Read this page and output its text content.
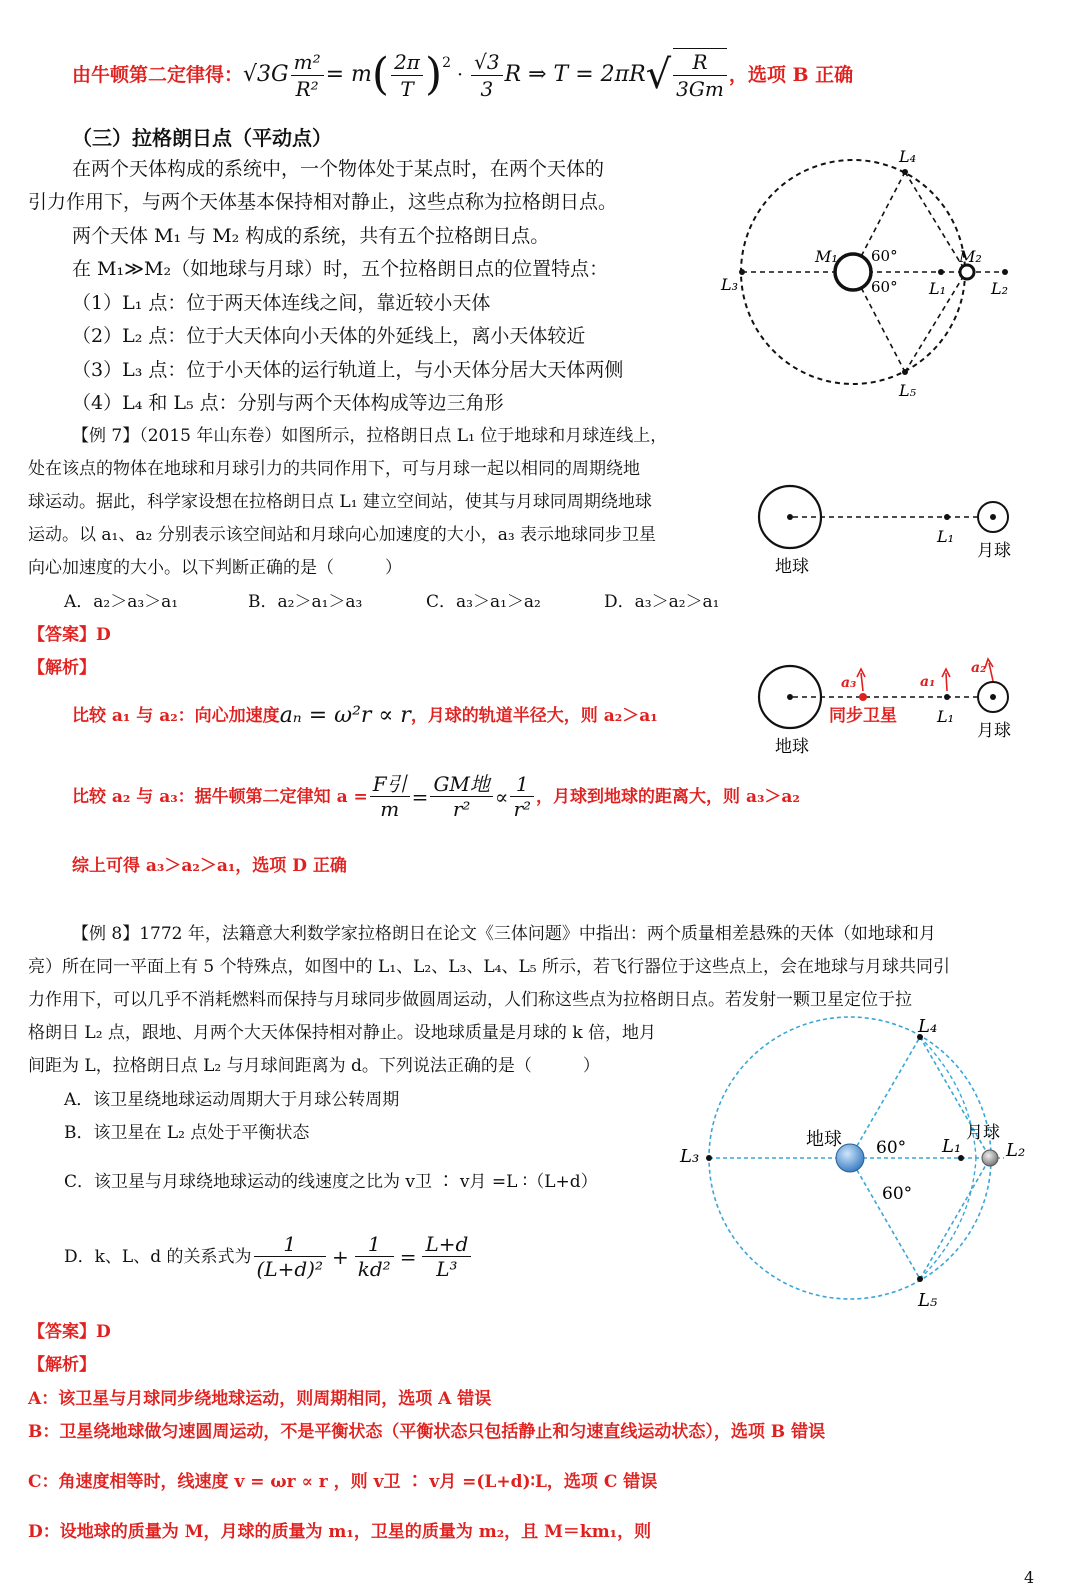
由牛顿第二定律得： $√3G \frac{\text{m²}}{\text{R²}} = m$ ( $\frac{2\pi}{T} )^2$
· $\frac{√3}{3}$ R ⇒ T = 2πR √ $\frac{R}{3Gm}$ ，选项 B 正确
（三）拉格朗日点（平动点）
在两个天体构成的系统中，一个物体处于某点时，在两个天体的
引力作用下，与两个天体基本保持相对静止，这些点称为拉格朗日点。
两个天体 M₁ 与 M₂ 构成的系统，共有五个拉格朗日点。
在 M₁≫M₂（如地球与月球）时，五个拉格朗日点的位置特点：
（1）L₁ 点：位于两天体连线之间，靠近较小天体
（2）L₂ 点：位于大天体向小天体的外延线上，离小天体较近
（3）L₃ 点：位于小天体的运行轨道上，与小天体分居大天体两侧
（4）L₄ 和 L₅ 点：分别与两个天体构成等边三角形
M₁	M₂
60°
60°
L₃	L₁	L₂
L₄
L₅
【例 7】（2015 年山东卷）如图所示，拉格朗日点 L₁ 位于地球和月球连线上，
处在该点的物体在地球和月球引力的共同作用下，可与月球一起以相同的周期绕地
球运动。据此，科学家设想在拉格朗日点 L₁ 建立空间站，使其与月球同周期绕地球
运动。以 a₁、a₂ 分别表示该空间站和月球向心加速度的大小，a₃ 表示地球同步卫星
向心加速度的大小。以下判断正确的是（　　　）
A．a₂＞a₃＞a₁	B．a₂＞a₁＞a₃	C．a₃＞a₁＞a₂	D．a₃＞a₂＞a₁
【答案】D
【解析】
比较 a₁ 与 a₂：向心加速度 aₙ = ω²r ∝ r ，月球的轨道半径大，则 a₂＞a₁
比较 a₂ 与 a₃：据牛顿第二定律知 $a = \frac{\text{F引}}{m} = \frac{\text{GM地}}{\text{r²}} \propto \frac{1}{\text{r²}}$ ，月球到地球的距离大，则 a₃＞a₂
综上可得 a₃＞a₂＞a₁，选项 D 正确
地球
L₁
月球
a₃	a₁
a₂
同步卫星
地球
L₁
月球
【例 8】1772 年，法籍意大利数学家拉格朗日在论文《三体问题》中指出：两个质量相差悬殊的天体（如地球和月
亮）所在同一平面上有 5 个特殊点，如图中的 L₁、L₂、L₃、L₄、L₅ 所示，若飞行器位于这些点上，会在地球与月球共同引
力作用下，可以几乎不消耗燃料而保持与月球同步做圆周运动，人们称这些点为拉格朗日点。若发射一颗卫星定位于拉
格朗日 L₂ 点，跟地、月两个大天体保持相对静止。设地球质量是月球的 k 倍，地月
间距为 L，拉格朗日点 L₂ 与月球间距离为 d。下列说法正确的是（　　　）
A．该卫星绕地球运动周期大于月球公转周期
B．该卫星在 L₂ 点处于平衡状态
C．该卫星与月球绕地球运动的线速度之比为 v卫 ∶ v月 =L ∶（L+d）
D．k、L、d 的关系式为 $\frac{1}{\text{(L+d)²}} + \frac{1}{\text{kd²}} = \frac{L+d}{\text{L³}}$
【答案】D
【解析】
A：该卫星与月球同步绕地球运动，则周期相同，选项 A 错误
B：卫星绕地球做匀速圆周运动，不是平衡状态（平衡状态只包括静止和匀速直线运动状态），选项 B 错误
C：角速度相等时，线速度 v = ωr ∝ r ，则 v卫 ∶ v月 =(L+d)∶L，选项 C 错误
D：设地球的质量为 M，月球的质量为 m₁，卫星的质量为 m₂，且 M＝km₁，则
地球	月球
60°
60°
L₃	L₁ L₂
L₄
L₅
4
